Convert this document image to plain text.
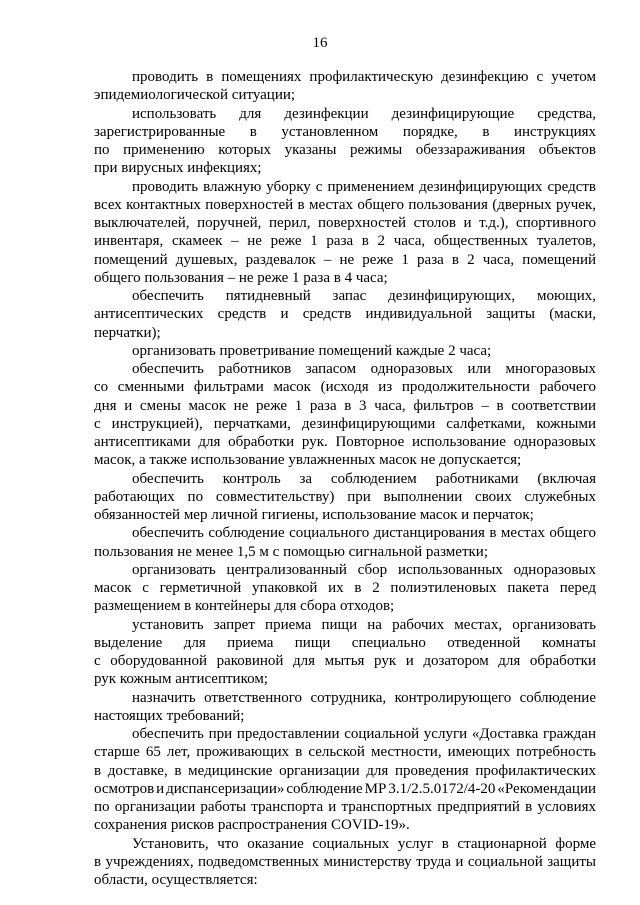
16
проводить в помещениях профилактическую дезинфекцию с учетом
эпидемиологической ситуации;
использовать для дезинфекции дезинфицирующие средства,
зарегистрированные в установленном порядке, в инструкциях
по применению которых указаны режимы обеззараживания объектов
при вирусных инфекциях;
проводить влажную уборку с применением дезинфицирующих средств
всех контактных поверхностей в местах общего пользования (дверных ручек,
выключателей, поручней, перил, поверхностей столов и т.д.), спортивного
инвентаря, скамеек – не реже 1 раза в 2 часа, общественных туалетов,
помещений душевых, раздевалок – не реже 1 раза в 2 часа, помещений
общего пользования – не реже 1 раза в 4 часа;
обеспечить пятидневный запас дезинфицирующих, моющих,
антисептических средств и средств индивидуальной защиты (маски,
перчатки);
организовать проветривание помещений каждые 2 часа;
обеспечить работников запасом одноразовых или многоразовых
со сменными фильтрами масок (исходя из продолжительности рабочего
дня и смены масок не реже 1 раза в 3 часа, фильтров – в соответствии
с инструкцией), перчатками, дезинфицирующими салфетками, кожными
антисептиками для обработки рук. Повторное использование одноразовых
масок, а также использование увлажненных масок не допускается;
обеспечить контроль за соблюдением работниками (включая
работающих по совместительству) при выполнении своих служебных
обязанностей мер личной гигиены, использование масок и перчаток;
обеспечить соблюдение социального дистанцирования в местах общего
пользования не менее 1,5 м с помощью сигнальной разметки;
организовать централизованный сбор использованных одноразовых
масок с герметичной упаковкой их в 2 полиэтиленовых пакета перед
размещением в контейнеры для сбора отходов;
установить запрет приема пищи на рабочих местах, организовать
выделение для приема пищи специально отведенной комнаты
с оборудованной раковиной для мытья рук и дозатором для обработки
рук кожным антисептиком;
назначить ответственного сотрудника, контролирующего соблюдение
настоящих требований;
обеспечить при предоставлении социальной услуги «Доставка граждан
старше 65 лет, проживающих в сельской местности, имеющих потребность
в доставке, в медицинские организации для проведения профилактических
осмотров и диспансеризации» соблюдение МР 3.1/2.5.0172/4-20 «Рекомендации
по организации работы транспорта и транспортных предприятий в условиях
сохранения рисков распространения COVID-19».
Установить, что оказание социальных услуг в стационарной форме
в учреждениях, подведомственных министерству труда и социальной защиты
области, осуществляется:
